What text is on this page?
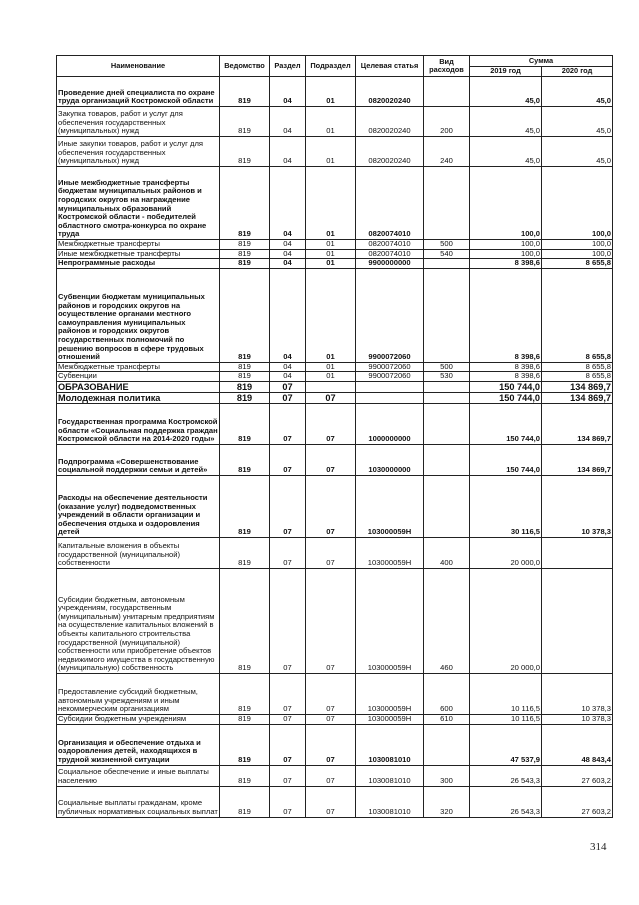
Наименование	Ведомство	Раздел	Подраздел	Целевая статья	Вид расходов	Сумма	
						2019 год	2020 год
Проведение дней специалиста по охране труда организаций Костромской области	819	04	01	0820020240		45,0	45,0
Закупка товаров, работ и услуг для обеспечения государственных (муниципальных) нужд	819	04	01	0820020240	200	45,0	45,0
Иные закупки товаров, работ и услуг для обеспечения государственных (муниципальных) нужд	819	04	01	0820020240	240	45,0	45,0
Иные межбюджетные трансферты бюджетам муниципальных районов и городских округов на награждение муниципальных образований Костромской области - победителей областного смотра-конкурса по охране труда	819	04	01	0820074010		100,0	100,0
Межбюджетные трансферты	819	04	01	0820074010	500	100,0	100,0
Иные межбюджетные трансферты	819	04	01	0820074010	540	100,0	100,0
Непрограммные расходы	819	04	01	9900000000		8 398,6	8 655,8
Субвенции бюджетам муниципальных районов и городских округов на осуществление органами местного самоуправления муниципальных районов и городских округов государственных полномочий по решению вопросов в сфере трудовых отношений	819	04	01	9900072060		8 398,6	8 655,8
Межбюджетные трансферты	819	04	01	9900072060	500	8 398,6	8 655,8
Субвенции	819	04	01	9900072060	530	8 398,6	8 655,8
ОБРАЗОВАНИЕ	819	07				150 744,0	134 869,7
Молодежная политика	819	07	07			150 744,0	134 869,7
Государственная программа Костромской области «Социальная поддержка граждан Костромской области на 2014-2020 годы»	819	07	07	1000000000		150 744,0	134 869,7
Подпрограмма «Совершенствование социальной поддержки семьи и детей»	819	07	07	1030000000		150 744,0	134 869,7
Расходы на обеспечение деятельности (оказание услуг) подведомственных учреждений в области организации и обеспечения отдыха и оздоровления детей	819	07	07	103000059Н		30 116,5	10 378,3
Капитальные вложения в объекты государственной (муниципальной) собственности	819	07	07	103000059Н	400	20 000,0	
Субсидии бюджетным, автономным учреждениям, государственным (муниципальным) унитарным предприятиям на осуществление капитальных вложений в объекты капитального строительства государственной (муниципальной) собственности или приобретение объектов недвижимого имущества в государственную (муниципальную) собственность	819	07	07	103000059Н	460	20 000,0	
Предоставление субсидий бюджетным, автономным учреждениям и иным некоммерческим организациям	819	07	07	103000059Н	600	10 116,5	10 378,3
Субсидии бюджетным учреждениям	819	07	07	103000059Н	610	10 116,5	10 378,3
Организация и обеспечение отдыха и оздоровления детей, находящихся в трудной жизненной ситуации	819	07	07	1030081010		47 537,9	48 843,4
Социальное обеспечение и иные выплаты населению	819	07	07	1030081010	300	26 543,3	27 603,2
Социальные выплаты гражданам, кроме публичных нормативных социальных выплат	819	07	07	1030081010	320	26 543,3	27 603,2
314
